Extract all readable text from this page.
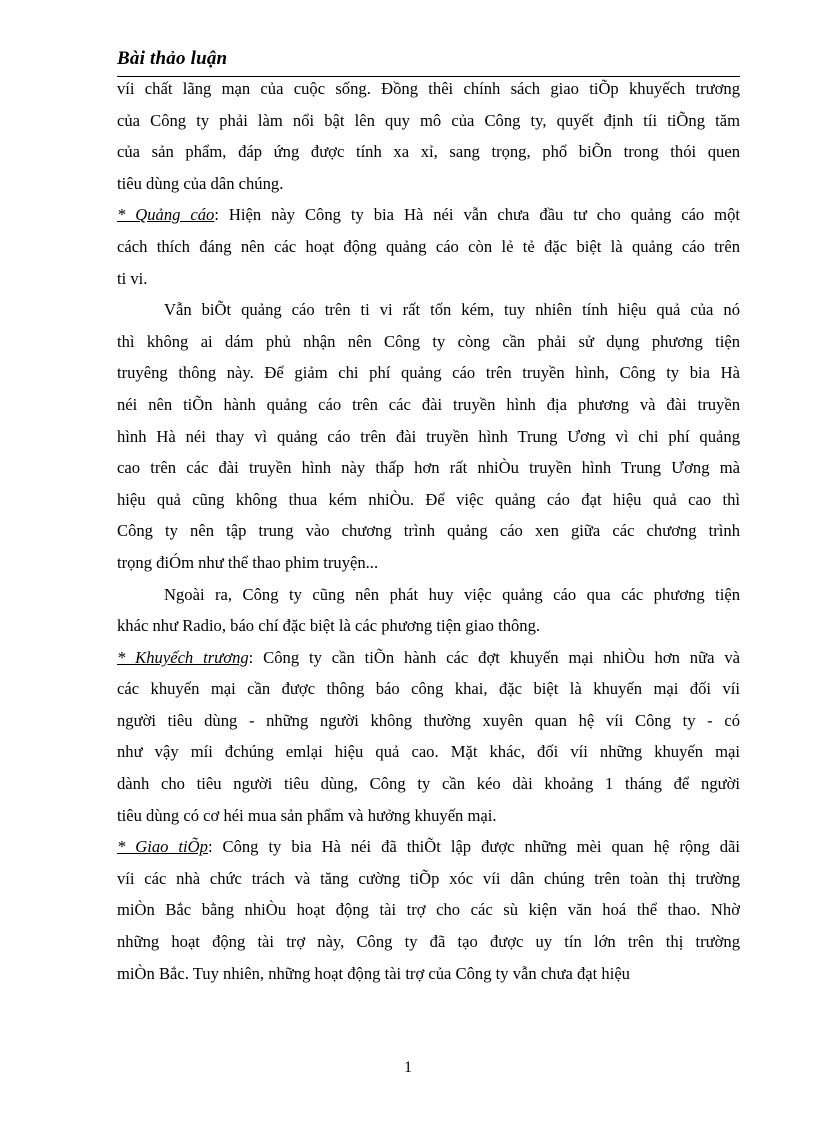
Bài thảo luận
víi chất lãng mạn của cuộc sống. Đồng thêi chính sách giao tiÕp khuyếch trương
của Công ty phải làm nổi bật lên quy mô của Công ty, quyết định tíi tiÕng tăm
của sản phẩm, đáp ứng được tính xa xỉ, sang trọng, phổ biÕn trong thói quen
tiêu dùng của dân chúng.
* Quảng cáo: Hiện này Công ty bia Hà néi vẫn chưa đầu tư cho quảng cáo một
cách thích đáng nên các hoạt động quảng cáo còn lẻ tẻ đặc biệt là quảng cáo trên
ti vi.
Vẫn biÕt quảng cáo trên ti vi rất tốn kém, tuy nhiên tính hiệu quả của nó
thì không ai dám phủ nhận nên Công ty còng cần phải sử dụng phương tiện
truyêng thông này. Để giảm chi phí quảng cáo trên truyền hình, Công ty bia Hà
néi nên tiÕn hành quảng cáo trên các đài truyền hình địa phương và đài truyền
hình Hà néi thay vì quảng cáo trên đài truyền hình Trung Ương vì chi phí quảng
cao trên các đài truyền hình này thấp hơn rất nhiÒu truyền hình Trung Ương mà
hiệu quả cũng không thua kém nhiÒu. Để việc quảng cáo đạt hiệu quả cao thì
Công ty nên tập trung vào chương trình quảng cáo xen giữa các chương trình
trọng điÓm như thể thao phim truyện...
Ngoài ra, Công ty cũng nên phát huy việc quảng cáo qua các phương tiện
khác như Radio, báo chí đặc biệt là các phương tiện giao thông.
* Khuyếch trương: Công ty cần tiÕn hành các đợt khuyến mại nhiÒu hơn nữa và
các khuyến mại cần được thông báo công khai, đặc biệt là khuyến mại đối víi
người tiêu dùng - những người không thường xuyên quan hệ víi Công ty - có
như vậy míi đchúng emlại hiệu quả cao. Mặt khác, đối víi những khuyến mại
dành cho tiêu người tiêu dùng, Công ty cần kéo dài khoảng 1 tháng để người
tiêu dùng có cơ héi mua sản phẩm và hưởng khuyến mại.
* Giao tiÕp: Công ty bia Hà néi đã thiÕt lập được những mèi quan hệ rộng dãi
víi các nhà chức trách và tăng cường tiÕp xóc víi dân chúng trên toàn thị trường
miÒn Bắc bằng nhiÒu hoạt động tài trợ cho các sù kiện văn hoá thể thao. Nhờ
những hoạt động tài trợ này, Công ty đã tạo được uy tín lớn trên thị trường
miÒn Bắc. Tuy nhiên, những hoạt động tài trợ của Công ty vẫn chưa đạt hiệu
1
